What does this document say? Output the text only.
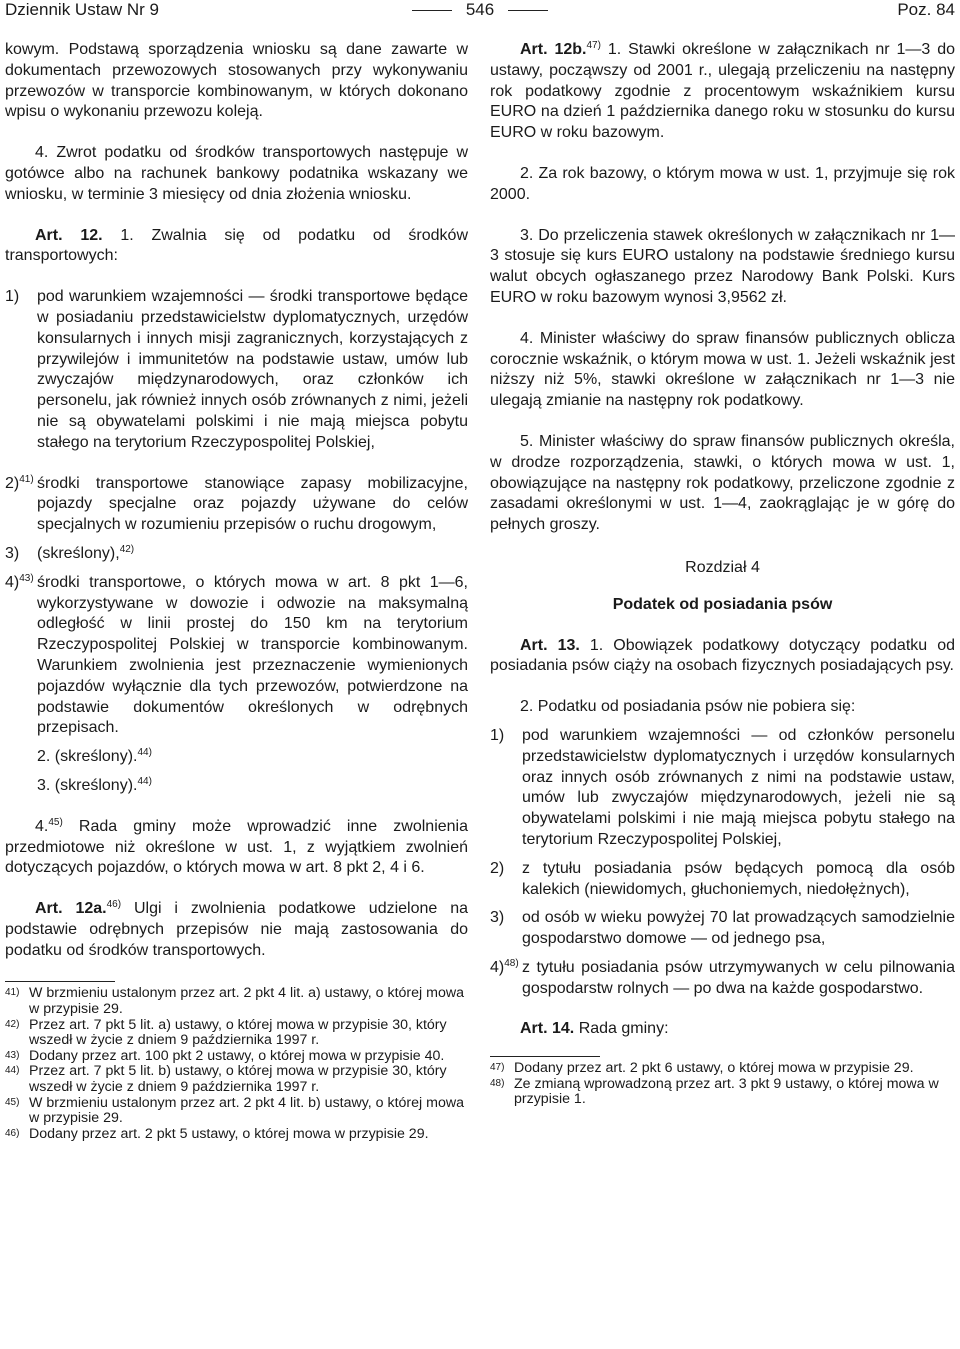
Dziennik Ustaw Nr 9	546	Poz. 84

kowym. Podstawą sporządzenia wniosku są dane zawarte w dokumentach przewozowych stosowanych przy wykonywaniu przewozów w transporcie kombinowanym, w których dokonano wpisu o wykonaniu przewozu koleją.

4. Zwrot podatku od środków transportowych następuje w gotówce albo na rachunek bankowy podatnika wskazany we wniosku, w terminie 3 miesięcy od dnia złożenia wniosku.

Art. 12. 1. Zwalnia się od podatku od środków transportowych:

1) pod warunkiem wzajemności — środki transportowe będące w posiadaniu przedstawicielstw dyplomatycznych, urzędów konsularnych i innych misji zagranicznych, korzystających z przywilejów i immunitetów na podstawie ustaw, umów lub zwyczajów międzynarodowych, oraz członków ich personelu, jak również innych osób zrównanych z nimi, jeżeli nie są obywatelami polskimi i nie mają miejsca pobytu stałego na terytorium Rzeczypospolitej Polskiej,
2)$^{41)}$ środki transportowe stanowiące zapasy mobilizacyjne, pojazdy specjalne oraz pojazdy używane do celów specjalnych w rozumieniu przepisów o ruchu drogowym,
3) (skreślony),$^{42)}$
4)$^{43)}$ środki transportowe, o których mowa w art. 8 pkt 1—6, wykorzystywane w dowozie i odwozie na maksymalną odległość w linii prostej do 150 km na terytorium Rzeczypospolitej Polskiej w transporcie kombinowanym. Warunkiem zwolnienia jest przeznaczenie wymienionych pojazdów wyłącznie dla tych przewozów, potwierdzone na podstawie dokumentów określonych w odrębnych przepisach.

2. (skreślony).$^{44)}$

3. (skreślony).$^{44)}$

4.$^{45)}$ Rada gminy może wprowadzić inne zwolnienia przedmiotowe niż określone w ust. 1, z wyjątkiem zwolnień dotyczących pojazdów, o których mowa w art. 8 pkt 2, 4 i 6.

Art. 12a.$^{46)}$ Ulgi i zwolnienia podatkowe udzielone na podstawie odrębnych przepisów nie mają zastosowania do podatku od środków transportowych.

41) W brzmieniu ustalonym przez art. 2 pkt 4 lit. a) ustawy, o której mowa w przypisie 29.
42) Przez art. 7 pkt 5 lit. a) ustawy, o której mowa w przypisie 30, który wszedł w życie z dniem 9 października 1997 r.
43) Dodany przez art. 100 pkt 2 ustawy, o której mowa w przypisie 40.
44) Przez art. 7 pkt 5 lit. b) ustawy, o której mowa w przypisie 30, który wszedł w życie z dniem 9 października 1997 r.
45) W brzmieniu ustalonym przez art. 2 pkt 4 lit. b) ustawy, o której mowa w przypisie 29.
46) Dodany przez art. 2 pkt 5 ustawy, o której mowa w przypisie 29.

Art. 12b.$^{47)}$ 1. Stawki określone w załącznikach nr 1—3 do ustawy, począwszy od 2001 r., ulegają przeliczeniu na następny rok podatkowy zgodnie z procentowym wskaźnikiem kursu EURO na dzień 1 października danego roku w stosunku do kursu EURO w roku bazowym.

2. Za rok bazowy, o którym mowa w ust. 1, przyjmuje się rok 2000.

3. Do przeliczenia stawek określonych w załącznikach nr 1—3 stosuje się kurs EURO ustalony na podstawie średniego kursu walut obcych ogłaszanego przez Narodowy Bank Polski. Kurs EURO w roku bazowym wynosi 3,9562 zł.

4. Minister właściwy do spraw finansów publicznych oblicza corocznie wskaźnik, o którym mowa w ust. 1. Jeżeli wskaźnik jest niższy niż 5%, stawki określone w załącznikach nr 1—3 nie ulegają zmianie na następny rok podatkowy.

5. Minister właściwy do spraw finansów publicznych określa, w drodze rozporządzenia, stawki, o których mowa w ust. 1, obowiązujące na następny rok podatkowy, przeliczone zgodnie z zasadami określonymi w ust. 1—4, zaokrąglając je w górę do pełnych groszy.

Rozdział 4

Podatek od posiadania psów

Art. 13. 1. Obowiązek podatkowy dotyczący podatku od posiadania psów ciąży na osobach fizycznych posiadających psy.

2. Podatku od posiadania psów nie pobiera się:

1) pod warunkiem wzajemności — od członków personelu przedstawicielstw dyplomatycznych i urzędów konsularnych oraz innych osób zrównanych z nimi na podstawie ustaw, umów lub zwyczajów międzynarodowych, jeżeli nie są obywatelami polskimi i nie mają miejsca pobytu stałego na terytorium Rzeczypospolitej Polskiej,
2) z tytułu posiadania psów będących pomocą dla osób kalekich (niewidomych, głuchoniemych, niedołężnych),
3) od osób w wieku powyżej 70 lat prowadzących samodzielnie gospodarstwo domowe — od jednego psa,
4)$^{48)}$ z tytułu posiadania psów utrzymywanych w celu pilnowania gospodarstw rolnych — po dwa na każde gospodarstwo.

Art. 14. Rada gminy:

47) Dodany przez art. 2 pkt 6 ustawy, o której mowa w przypisie 29.
48) Ze zmianą wprowadzoną przez art. 3 pkt 9 ustawy, o której mowa w przypisie 1.
